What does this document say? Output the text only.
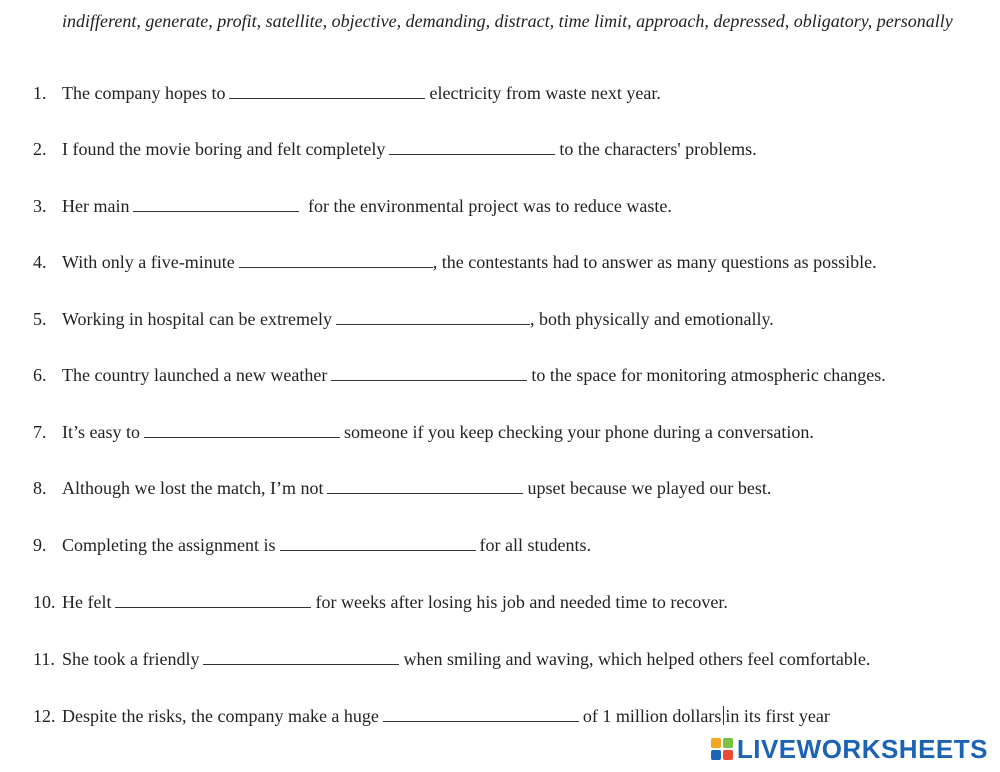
indifferent, generate, profit, satellite, objective, demanding, distract, time limit, approach, depressed, obligatory, personally
1. The company hopes to	electricity from waste next year.
2. I found the movie boring and felt completely	to the characters' problems.
3. Her main	for the environmental project was to reduce waste.
4. With only a five-minute	, the contestants had to answer as many questions as possible.
5. Working in hospital can be extremely	, both physically and emotionally.
6. The country launched a new weather	to the space for monitoring atmospheric changes.
7. It’s easy to	someone if you keep checking your phone during a conversation.
8. Although we lost the match, I’m not	upset because we played our best.
9. Completing the assignment is	for all students.
10. He felt	for weeks after losing his job and needed time to recover.
11. She took a friendly	when smiling and waving, which helped others feel comfortable.
12. Despite the risks, the company make a huge	of 1 million dollars in its first year
LIVEWORKSHEETS
